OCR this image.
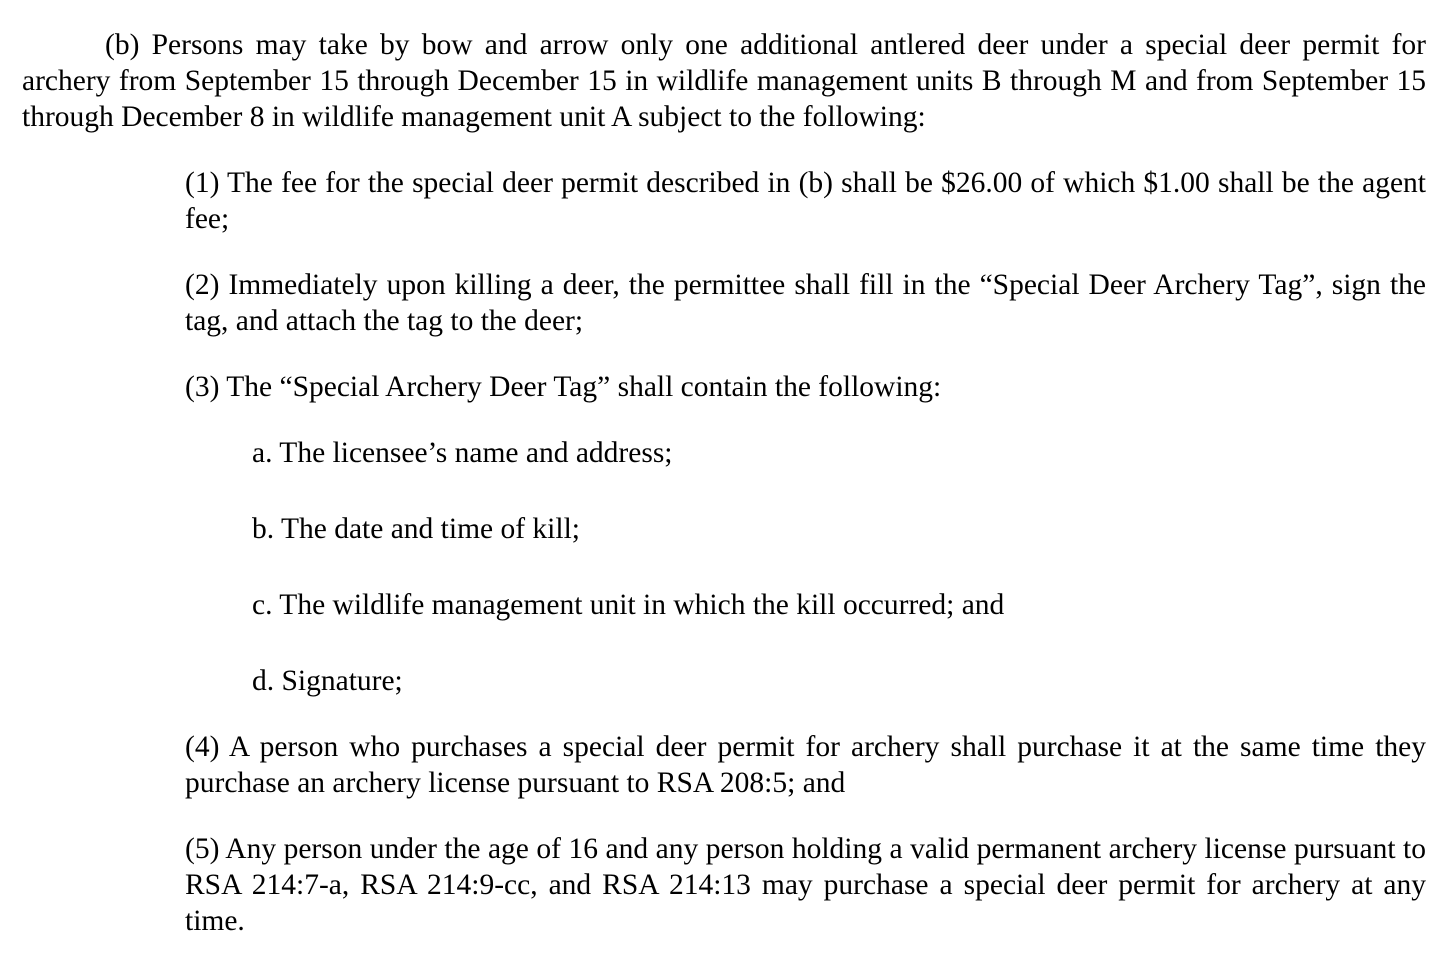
(b) Persons may take by bow and arrow only one additional antlered deer under a special deer permit for archery from September 15 through December 15 in wildlife management units B through M and from September 15 through December 8 in wildlife management unit A subject to the following:

(1) The fee for the special deer permit described in (b) shall be $26.00 of which $1.00 shall be the agent fee;

(2) Immediately upon killing a deer, the permittee shall fill in the “Special Deer Archery Tag”, sign the tag, and attach the tag to the deer;

(3) The “Special Archery Deer Tag” shall contain the following:

a. The licensee’s name and address;

b. The date and time of kill;

c. The wildlife management unit in which the kill occurred; and

d. Signature;

(4) A person who purchases a special deer permit for archery shall purchase it at the same time they purchase an archery license pursuant to RSA 208:5; and

(5) Any person under the age of 16 and any person holding a valid permanent archery license pursuant to RSA 214:7-a, RSA 214:9-cc, and RSA 214:13 may purchase a special deer permit for archery at any time.
